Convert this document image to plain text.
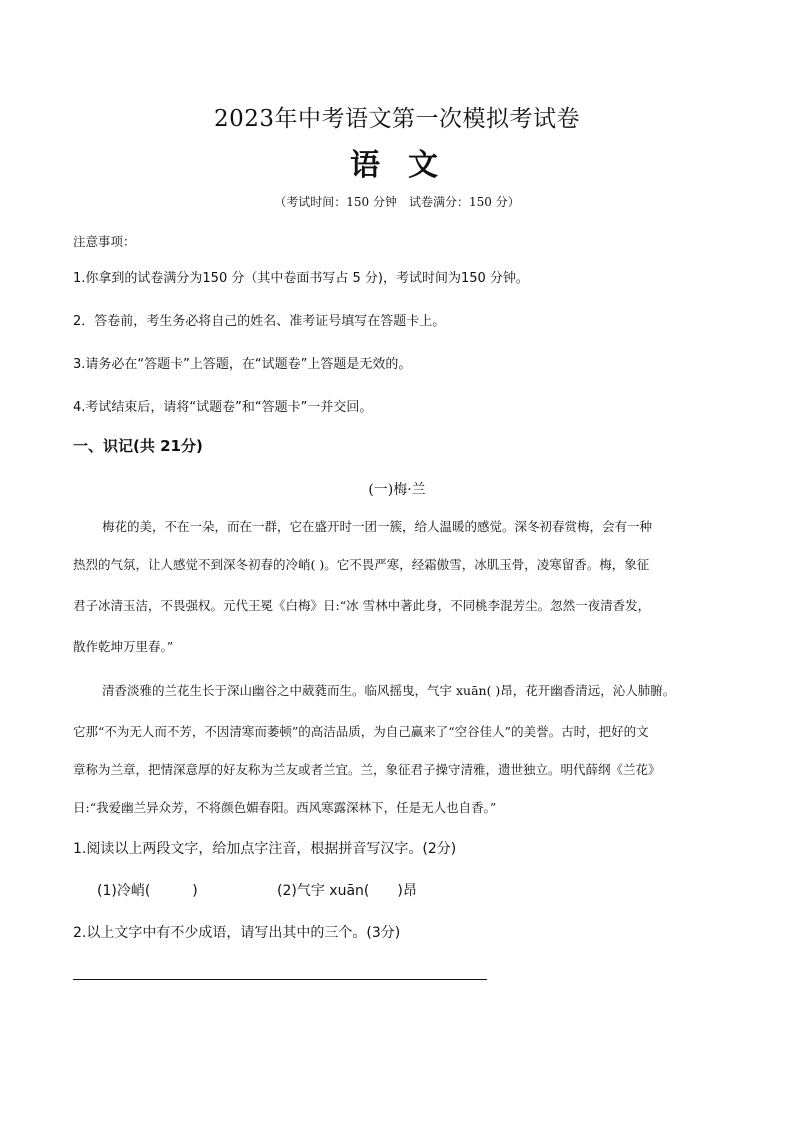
2023年中考语文第一次模拟考试卷
语 文
（考试时间：150 分钟　试卷满分：150 分）
注意事项：
1.你拿到的试卷满分为150 分（其中卷面书写占 5 分)，考试时间为150 分钟。
2．答卷前，考生务必将自己的姓名、准考证号填写在答题卡上。
3.请务必在“答题卡”上答题，在“试题卷”上答题是无效的。
4.考试结束后，请将“试题卷”和“答题卡”一并交回。
一、识记(共 21分)
(一)梅·兰
梅花的美，不在一朵，而在一群，它在盛开时一团一簇，给人温暖的感觉。深冬初春赏梅，会有一种
热烈的气氛，让人感觉不到深冬初春的冷峭( )。它不畏严寒，经霜傲雪，冰肌玉骨，凌寒留香。梅，象征
君子冰清玉洁，不畏强权。元代王冕《白梅》日:“冰 雪林中著此身，不同桃李混芳尘。忽然一夜清香发，
散作乾坤万里春。”
清香淡雅的兰花生长于深山幽谷之中葳蕤而生。临风摇曳，气宇 xuān( )昂，花开幽香清远，沁人肺腑。
它那“不为无人而不芳，不因清寒而萎顿”的高洁品质，为自己赢来了“空谷佳人”的美誉。古时，把好的文
章称为兰章，把情深意厚的好友称为兰友或者兰宜。兰，象征君子操守清雅，遗世独立。明代薛纲《兰花》
日:“我爱幽兰异众芳，不将颜色媚春阳。西风寒露深林下，任是无人也自香。”
1.阅读以上两段文字，给加点字注音，根据拼音写汉字。(2分)
(1)冷峭(　　　)	(2)气宇 xuān(　　)昂
2.以上文字中有不少成语，请写出其中的三个。(3分)
